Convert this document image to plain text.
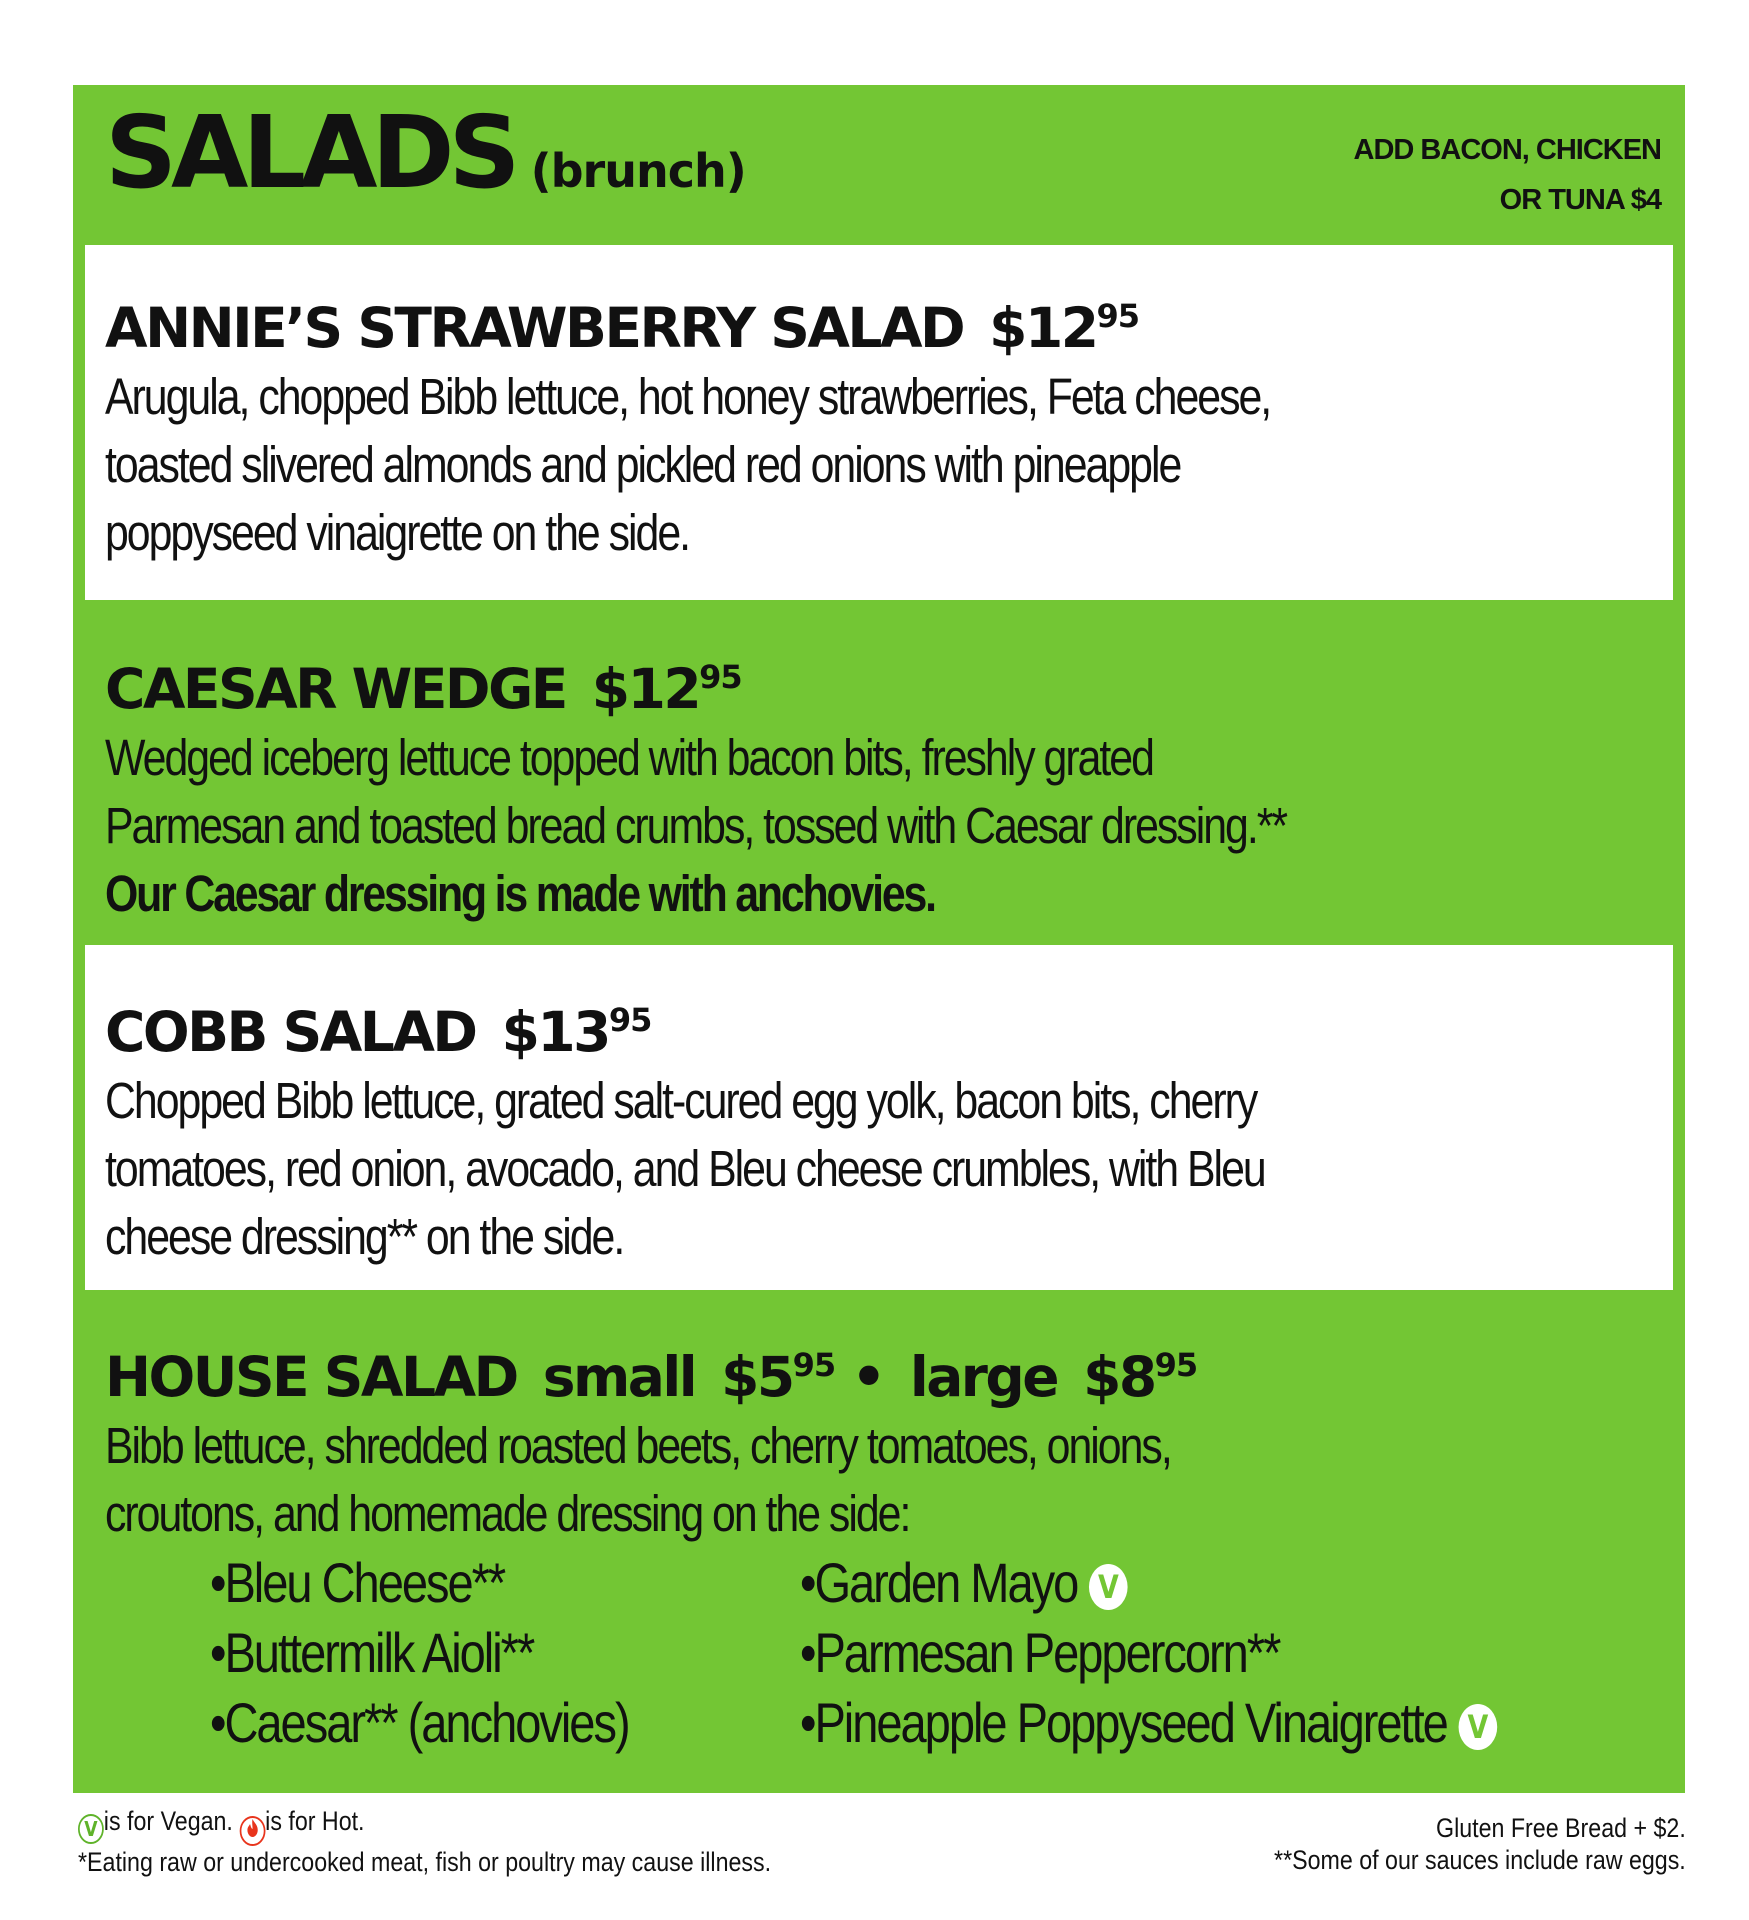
SALADS (brunch)	ADD BACON, CHICKEN
OR TUNA $4
ANNIE’S STRAWBERRY SALAD $\$12^{95}$
Arugula, chopped Bibb lettuce, hot honey strawberries, Feta cheese,
toasted slivered almonds and pickled red onions with pineapple
poppyseed vinaigrette on the side.
CAESAR WEDGE $\$12^{95}$
Wedged iceberg lettuce topped with bacon bits, freshly grated
Parmesan and toasted bread crumbs, tossed with Caesar dressing.**
Our Caesar dressing is made with anchovies.
COBB SALAD $\$13^{95}$
Chopped Bibb lettuce, grated salt-cured egg yolk, bacon bits, cherry
tomatoes, red onion, avocado, and Bleu cheese crumbles, with Bleu
cheese dressing** on the side.
HOUSE SALAD small $\$5^{95}$ • large $\$8^{95}$
Bibb lettuce, shredded roasted beets, cherry tomatoes, onions,
croutons, and homemade dressing on the side:
•Bleu Cheese**
•Buttermilk Aioli**
•Caesar** (anchovies)
•Garden Mayo V
•Parmesan Peppercorn**
•Pineapple Poppyseed Vinaigrette V
V is for Vegan. is for Hot.
*Eating raw or undercooked meat, fish or poultry may cause illness.
Gluten Free Bread + $2.
**Some of our sauces include raw eggs.
